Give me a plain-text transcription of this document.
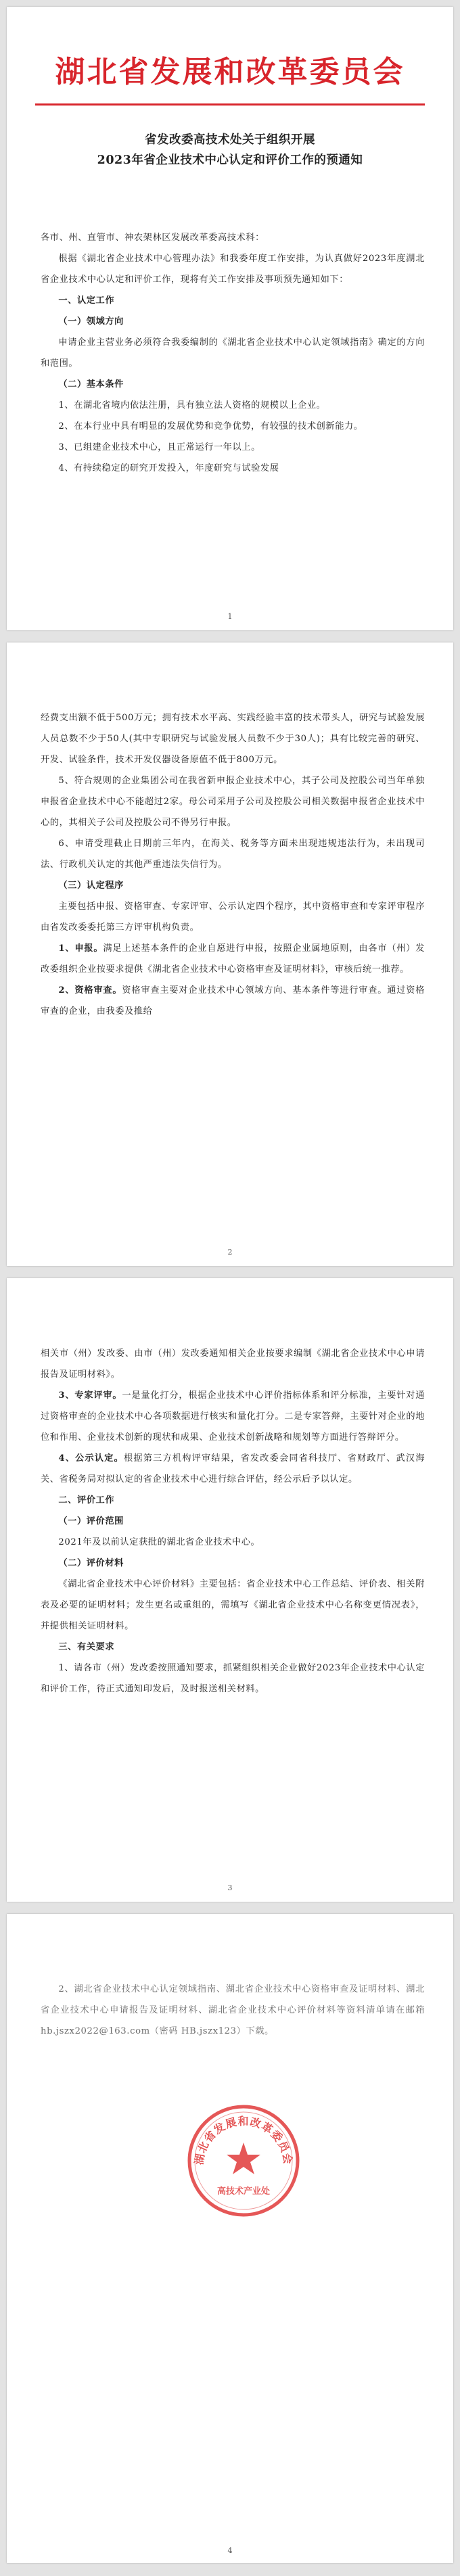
湖北省发展和改革委员会
省发改委高技术处关于组织开展
2023年省企业技术中心认定和评价工作的预通知

各市、州、直管市、神农架林区发展改革委高技术科：

根据《湖北省企业技术中心管理办法》和我委年度工作安排，为认真做好2023年度湖北省企业技术中心认定和评价工作，现将有关工作安排及事项预先通知如下：

一、认定工作

（一）领域方向

申请企业主营业务必须符合我委编制的《湖北省企业技术中心认定领域指南》确定的方向和范围。

（二）基本条件

1、在湖北省境内依法注册，具有独立法人资格的规模以上企业。

2、在本行业中具有明显的发展优势和竞争优势，有较强的技术创新能力。

3、已组建企业技术中心，且正常运行一年以上。

4、有持续稳定的研究开发投入，年度研究与试验发展

1

经费支出额不低于500万元；拥有技术水平高、实践经验丰富的技术带头人，研究与试验发展人员总数不少于50人(其中专职研究与试验发展人员数不少于30人)；具有比较完善的研究、开发、试验条件，技术开发仪器设备原值不低于800万元。

5、符合规则的企业集团公司在我省新申报企业技术中心，其子公司及控股公司当年单独申报省企业技术中心不能超过2家。母公司采用子公司及控股公司相关数据申报省企业技术中心的，其相关子公司及控股公司不得另行申报。

6、申请受理截止日期前三年内，在海关、税务等方面未出现违规违法行为，未出现司法、行政机关认定的其他严重违法失信行为。

（三）认定程序

主要包括申报、资格审查、专家评审、公示认定四个程序，其中资格审查和专家评审程序由省发改委委托第三方评审机构负责。

1、申报。满足上述基本条件的企业自愿进行申报，按照企业属地原则，由各市（州）发改委组织企业按要求提供《湖北省企业技术中心资格审查及证明材料》，审核后统一推荐。

2、资格审查。资格审查主要对企业技术中心领域方向、基本条件等进行审查。通过资格审查的企业，由我委及推给

2

相关市（州）发改委、由市（州）发改委通知相关企业按要求编制《湖北省企业技术中心申请报告及证明材料》。

3、专家评审。一是量化打分，根据企业技术中心评价指标体系和评分标准，主要针对通过资格审查的企业技术中心各项数据进行核实和量化打分。二是专家答辩，主要针对企业的地位和作用、企业技术创新的现状和成果、企业技术创新战略和规划等方面进行答辩评分。

4、公示认定。根据第三方机构评审结果，省发改委会同省科技厅、省财政厅、武汉海关、省税务局对拟认定的省企业技术中心进行综合评估，经公示后予以认定。

二、评价工作

（一）评价范围

2021年及以前认定获批的湖北省企业技术中心。

（二）评价材料

《湖北省企业技术中心评价材料》主要包括：省企业技术中心工作总结、评价表、相关附表及必要的证明材料；发生更名或重组的，需填写《湖北省企业技术中心名称变更情况表》，并提供相关证明材料。

三、有关要求

1、请各市（州）发改委按照通知要求，抓紧组织相关企业做好2023年企业技术中心认定和评价工作，待正式通知印发后，及时报送相关材料。

3

2、湖北省企业技术中心认定领域指南、湖北省企业技术中心资格审查及证明材料、湖北省企业技术中心申请报告及证明材料、湖北省企业技术中心评价材料等资料清单请在邮箱 hb.jszx2022@163.com（密码 HB.jszx123）下载。

湖北省发展和改革委员会
高技术产业处
4
